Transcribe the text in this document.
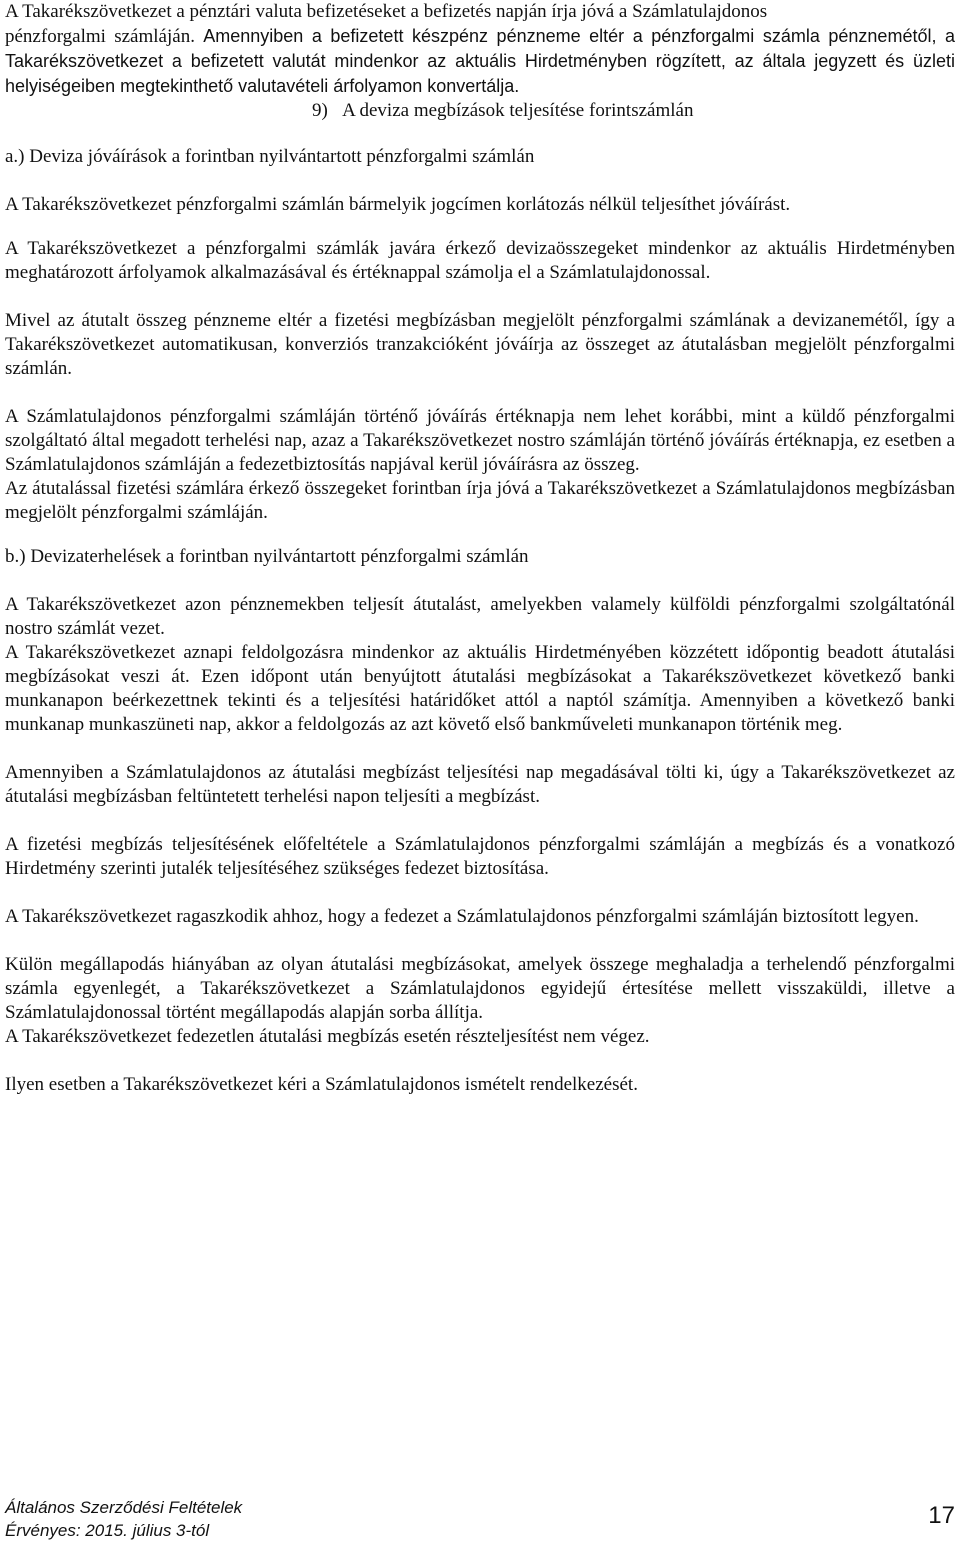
A Takarékszövetkezet a pénztári valuta befizetéseket a befizetés napján írja jóvá a Számlatulajdonos
pénzforgalmi számláján. Amennyiben a befizetett készpénz pénzneme eltér a pénzforgalmi számla pénznemétől, a Takarékszövetkezet a befizetett valutát mindenkor az aktuális Hirdetményben rögzített, az általa jegyzett és üzleti helyiségeiben megtekinthető valutavételi árfolyamon konvertálja.

9) A deviza megbízások teljesítése forintszámlán

a.) Deviza jóváírások a forintban nyilvántartott pénzforgalmi számlán

A Takarékszövetkezet pénzforgalmi számlán bármelyik jogcímen korlátozás nélkül teljesíthet jóváírást.

A Takarékszövetkezet a pénzforgalmi számlák javára érkező devizaösszegeket mindenkor az aktuális Hirdetményben meghatározott árfolyamok alkalmazásával és értéknappal számolja el a Számlatulajdonossal.

Mivel az átutalt összeg pénzneme eltér a fizetési megbízásban megjelölt pénzforgalmi számlának a devizanemétől, így a Takarékszövetkezet automatikusan, konverziós tranzakcióként jóváírja az összeget az átutalásban megjelölt pénzforgalmi számlán.

A Számlatulajdonos pénzforgalmi számláján történő jóváírás értéknapja nem lehet korábbi, mint a küldő pénzforgalmi szolgáltató által megadott terhelési nap, azaz a Takarékszövetkezet nostro számláján történő jóváírás értéknapja, ez esetben a Számlatulajdonos számláján a fedezetbiztosítás napjával kerül jóváírásra az összeg.

Az átutalással fizetési számlára érkező összegeket forintban írja jóvá a Takarékszövetkezet a Számlatulajdonos megbízásban megjelölt pénzforgalmi számláján.

b.) Devizaterhelések a forintban nyilvántartott pénzforgalmi számlán

A Takarékszövetkezet azon pénznemekben teljesít átutalást, amelyekben valamely külföldi pénzforgalmi szolgáltatónál nostro számlát vezet.

A Takarékszövetkezet aznapi feldolgozásra mindenkor az aktuális Hirdetményében közzétett időpontig beadott átutalási megbízásokat veszi át. Ezen időpont után benyújtott átutalási megbízásokat a Takarékszövetkezet következő banki munkanapon beérkezettnek tekinti és a teljesítési határidőket attól a naptól számítja. Amennyiben a következő banki munkanap munkaszüneti nap, akkor a feldolgozás az azt követő első bankműveleti munkanapon történik meg.

Amennyiben a Számlatulajdonos az átutalási megbízást teljesítési nap megadásával tölti ki, úgy a Takarékszövetkezet az átutalási megbízásban feltüntetett terhelési napon teljesíti a megbízást.

A fizetési megbízás teljesítésének előfeltétele a Számlatulajdonos pénzforgalmi számláján a megbízás és a vonatkozó Hirdetmény szerinti jutalék teljesítéséhez szükséges fedezet biztosítása.

A Takarékszövetkezet ragaszkodik ahhoz, hogy a fedezet a Számlatulajdonos pénzforgalmi számláján biztosított legyen.

Külön megállapodás hiányában az olyan átutalási megbízásokat, amelyek összege meghaladja a terhelendő pénzforgalmi számla egyenlegét, a Takarékszövetkezet a Számlatulajdonos egyidejű értesítése mellett visszaküldi, illetve a Számlatulajdonossal történt megállapodás alapján sorba állítja.

A Takarékszövetkezet fedezetlen átutalási megbízás esetén részteljesítést nem végez.

Ilyen esetben a Takarékszövetkezet kéri a Számlatulajdonos ismételt rendelkezését.

Általános Szerződési Feltételek
Érvényes: 2015. július 3-tól
17
